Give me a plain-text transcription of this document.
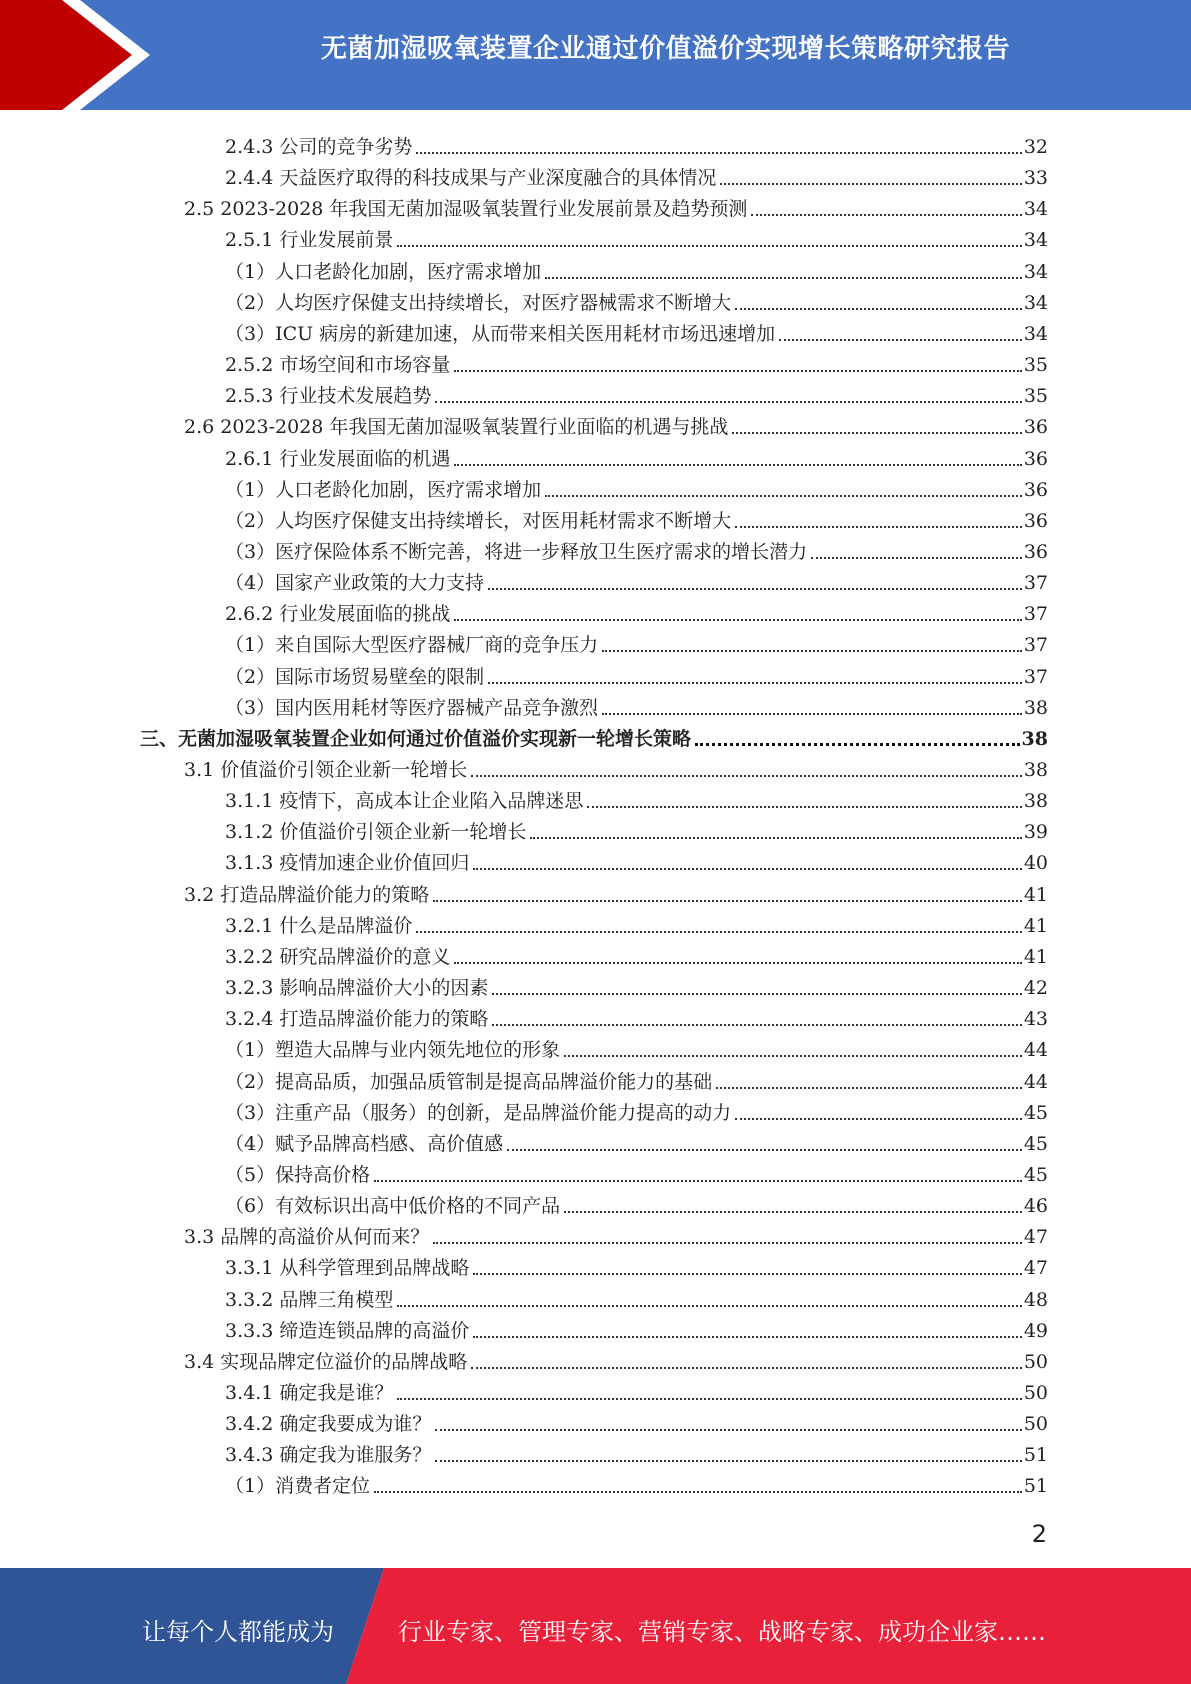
无菌加湿吸氧装置企业通过价值溢价实现增长策略研究报告
2.4.3 公司的竞争劣势	32
2.4.4 天益医疗取得的科技成果与产业深度融合的具体情况	33
2.5 2023-2028 年我国无菌加湿吸氧装置行业发展前景及趋势预测	34
2.5.1 行业发展前景	34
（1）人口老龄化加剧，医疗需求增加	34
（2）人均医疗保健支出持续增长，对医疗器械需求不断增大	34
（3）ICU 病房的新建加速，从而带来相关医用耗材市场迅速增加	34
2.5.2 市场空间和市场容量	35
2.5.3 行业技术发展趋势	35
2.6 2023-2028 年我国无菌加湿吸氧装置行业面临的机遇与挑战	36
2.6.1 行业发展面临的机遇	36
（1）人口老龄化加剧，医疗需求增加	36
（2）人均医疗保健支出持续增长，对医用耗材需求不断增大	36
（3）医疗保险体系不断完善，将进一步释放卫生医疗需求的增长潜力	36
（4）国家产业政策的大力支持	37
2.6.2 行业发展面临的挑战	37
（1）来自国际大型医疗器械厂商的竞争压力	37
（2）国际市场贸易壁垒的限制	37
（3）国内医用耗材等医疗器械产品竞争激烈	38
三、无菌加湿吸氧装置企业如何通过价值溢价实现新一轮增长策略	38
3.1 价值溢价引领企业新一轮增长	38
3.1.1 疫情下，高成本让企业陷入品牌迷思	38
3.1.2 价值溢价引领企业新一轮增长	39
3.1.3 疫情加速企业价值回归	40
3.2 打造品牌溢价能力的策略	41
3.2.1 什么是品牌溢价	41
3.2.2 研究品牌溢价的意义	41
3.2.3 影响品牌溢价大小的因素	42
3.2.4 打造品牌溢价能力的策略	43
（1）塑造大品牌与业内领先地位的形象	44
（2）提高品质，加强品质管制是提高品牌溢价能力的基础	44
（3）注重产品（服务）的创新，是品牌溢价能力提高的动力	45
（4）赋予品牌高档感、高价值感	45
（5）保持高价格	45
（6）有效标识出高中低价格的不同产品	46
3.3 品牌的高溢价从何而来？	47
3.3.1 从科学管理到品牌战略	47
3.3.2 品牌三角模型	48
3.3.3 缔造连锁品牌的高溢价	49
3.4 实现品牌定位溢价的品牌战略	50
3.4.1 确定我是谁？	50
3.4.2 确定我要成为谁？	50
3.4.3 确定我为谁服务？	51
（1）消费者定位	51
2
让每个人都能成为	行业专家、管理专家、营销专家、战略专家、成功企业家……
